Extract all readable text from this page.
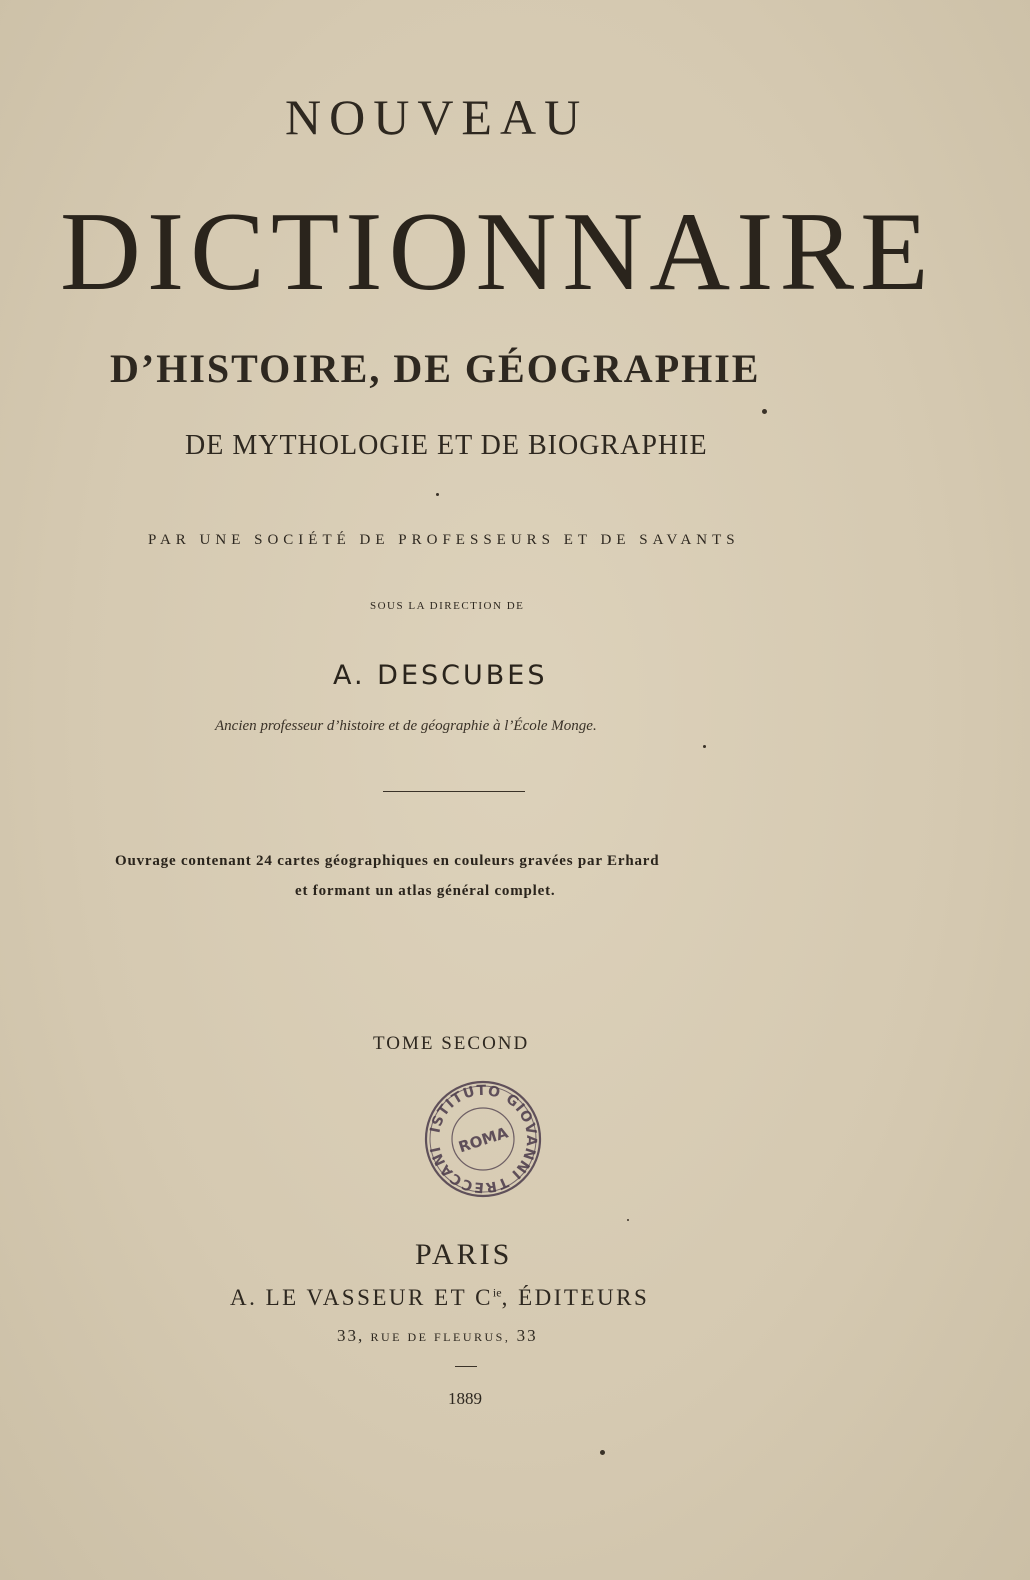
NOUVEAU
DICTIONNAIRE
D’HISTOIRE, DE GÉOGRAPHIE
DE MYTHOLOGIE ET DE BIOGRAPHIE
PAR UNE SOCIÉTÉ DE PROFESSEURS ET DE SAVANTS
SOUS LA DIRECTION DE
A. DESCUBES
Ancien professeur d’histoire et de géographie à l’École Monge.
Ouvrage contenant 24 cartes géographiques en couleurs gravées par Erhard
et formant un atlas général complet.
TOME SECOND
ISTITUTO GIOVANNI TRECCANI ROMA
PARIS
A. LE VASSEUR ET $C^{ie}$, ÉDITEURS
33, RUE DE FLEURUS, 33
1889
